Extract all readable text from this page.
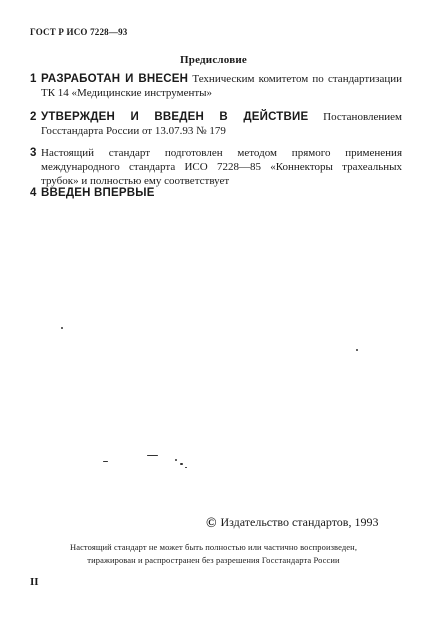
ГОСТ Р ИСО 7228—93
Предисловие
1 РАЗРАБОТАН И ВНЕСЕН Техническим комитетом по стандартизации ТК 14 «Медицинские инструменты»
2 УТВЕРЖДЕН И ВВЕДЕН В ДЕЙСТВИЕ Постановлением Госстандарта России от 13.07.93 № 179
3 Настоящий стандарт подготовлен методом прямого применения международного стандарта ИСО 7228—85 «Коннекторы трахеальных трубок» и полностью ему соответствует
4 ВВЕДЕН ВПЕРВЫЕ
© Издательство стандартов, 1993
Настоящий стандарт не может быть полностью или частично воспроизведен,
тиражирован и распространен без разрешения Госстандарта России
II
